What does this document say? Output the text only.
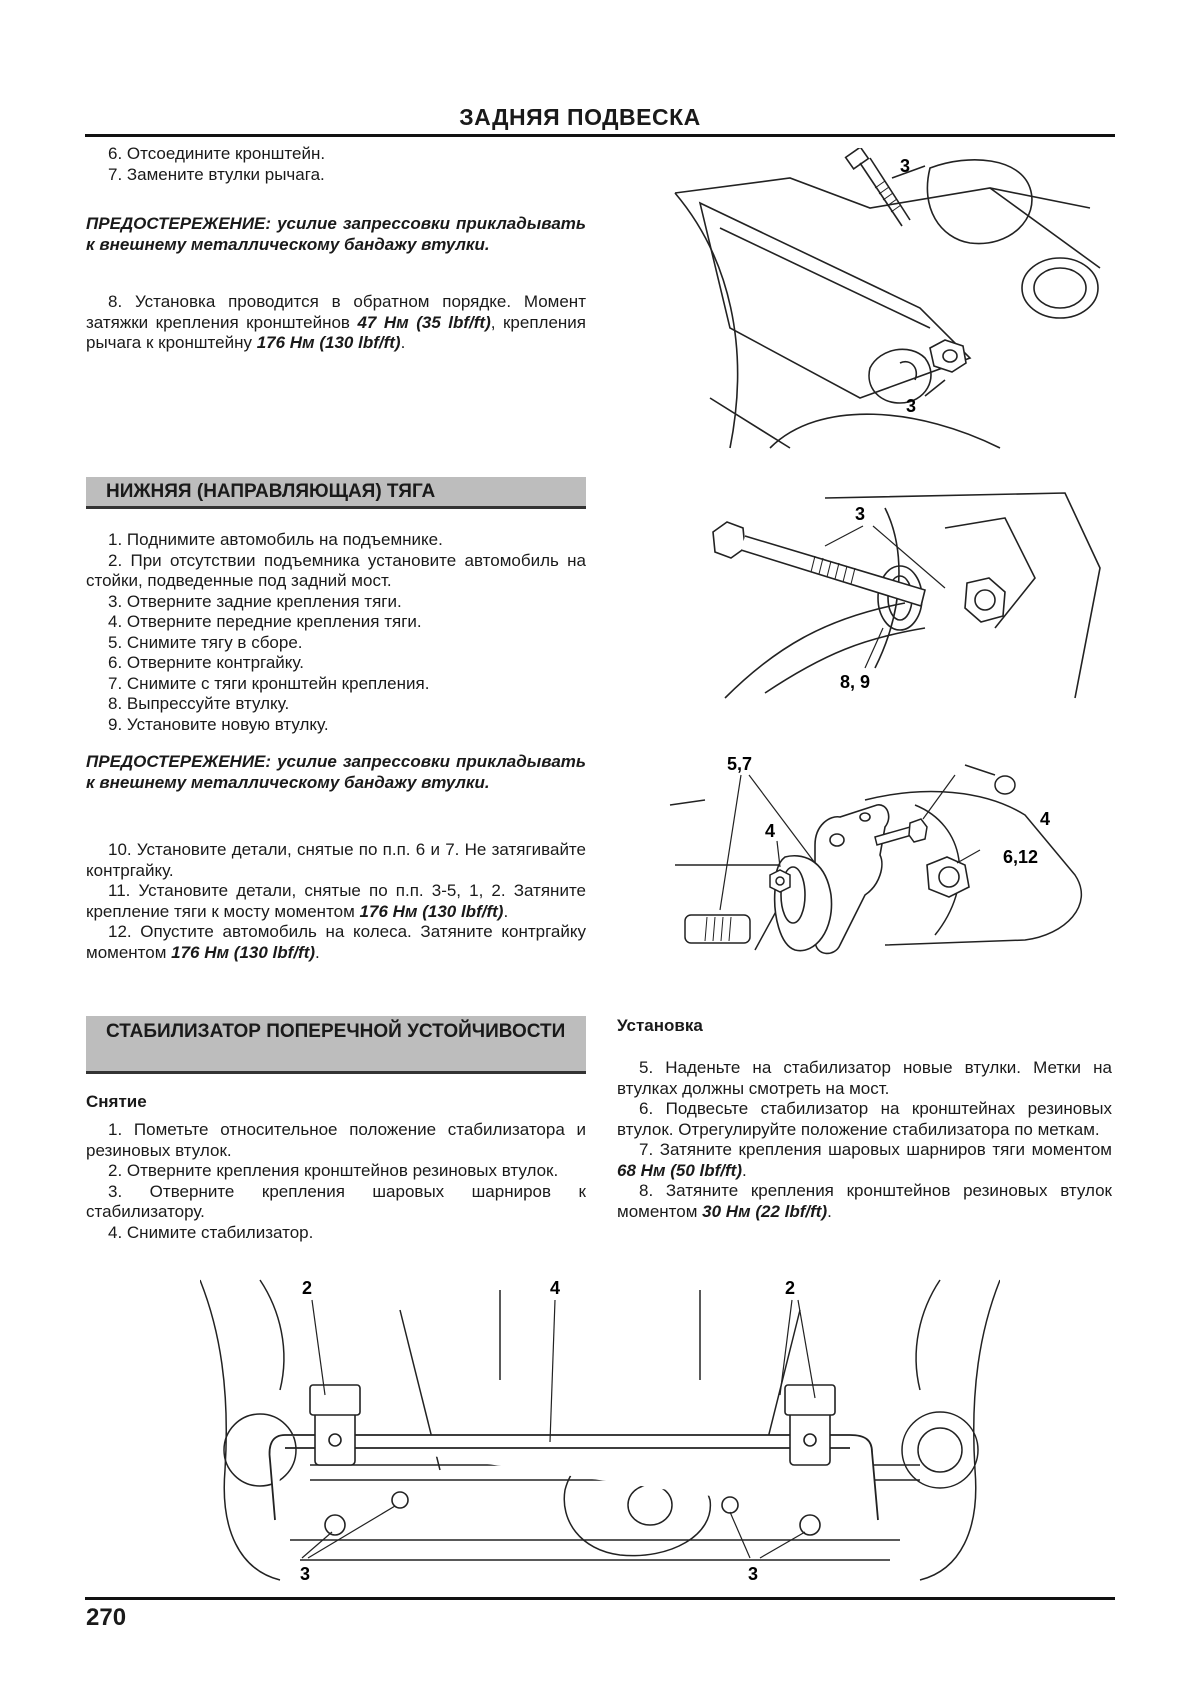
ЗАДНЯЯ ПОДВЕСКА

6. Отсоедините кронштейн.

7. Замените втулки рычага.

ПРЕДОСТЕРЕЖЕНИЕ: усилие запрессовки прикладывать к внешнему металлическому бандажу втулки.

8. Установка проводится в обратном порядке. Момент затяжки крепления кронштейнов 47 Нм (35 lbf/ft), крепления рычага к кронштейну 176 Нм (130 lbf/ft).

НИЖНЯЯ (НАПРАВЛЯЮЩАЯ) ТЯГА

1. Поднимите автомобиль на подъемнике.

2. При отсутствии подъемника установите автомобиль на стойки, подведенные под задний мост.

3. Отверните задние крепления тяги.

4. Отверните передние крепления тяги.

5. Снимите тягу в сборе.

6. Отверните контргайку.

7. Снимите с тяги кронштейн крепления.

8. Выпрессуйте втулку.

9. Установите новую втулку.

ПРЕДОСТЕРЕЖЕНИЕ: усилие запрессовки прикладывать к внешнему металлическому бандажу втулки.

10. Установите детали, снятые по п.п. 6 и 7. Не затягивайте контргайку.

11. Установите детали, снятые по п.п. 3-5, 1, 2. Затяните крепление тяги к мосту моментом 176 Нм (130 lbf/ft).

12. Опустите автомобиль на колеса. Затяните контргайку моментом 176 Нм (130 lbf/ft).

СТАБИЛИЗАТОР ПОПЕРЕЧНОЙ УСТОЙЧИВОСТИ
Снятие

1. Пометьте относительное положение стабилизатора и резиновых втулок.

2. Отверните крепления кронштейнов резиновых втулок.

3. Отверните крепления шаровых шарниров к стабилизатору.

4. Снимите стабилизатор.

Установка

5. Наденьте на стабилизатор новые втулки. Метки на втулках должны смотреть на мост.

6. Подвесьте стабилизатор на кронштейнах резиновых втулок. Отрегулируйте положение стабилизатора по меткам.

7. Затяните крепления шаровых шарниров тяги моментом 68 Нм (50 lbf/ft).

8. Затяните крепления кронштейнов резиновых втулок моментом 30 Нм (22 lbf/ft).

3
3
3
8, 9
5,7
4
4
6,12
2	4	2
3	3
270
